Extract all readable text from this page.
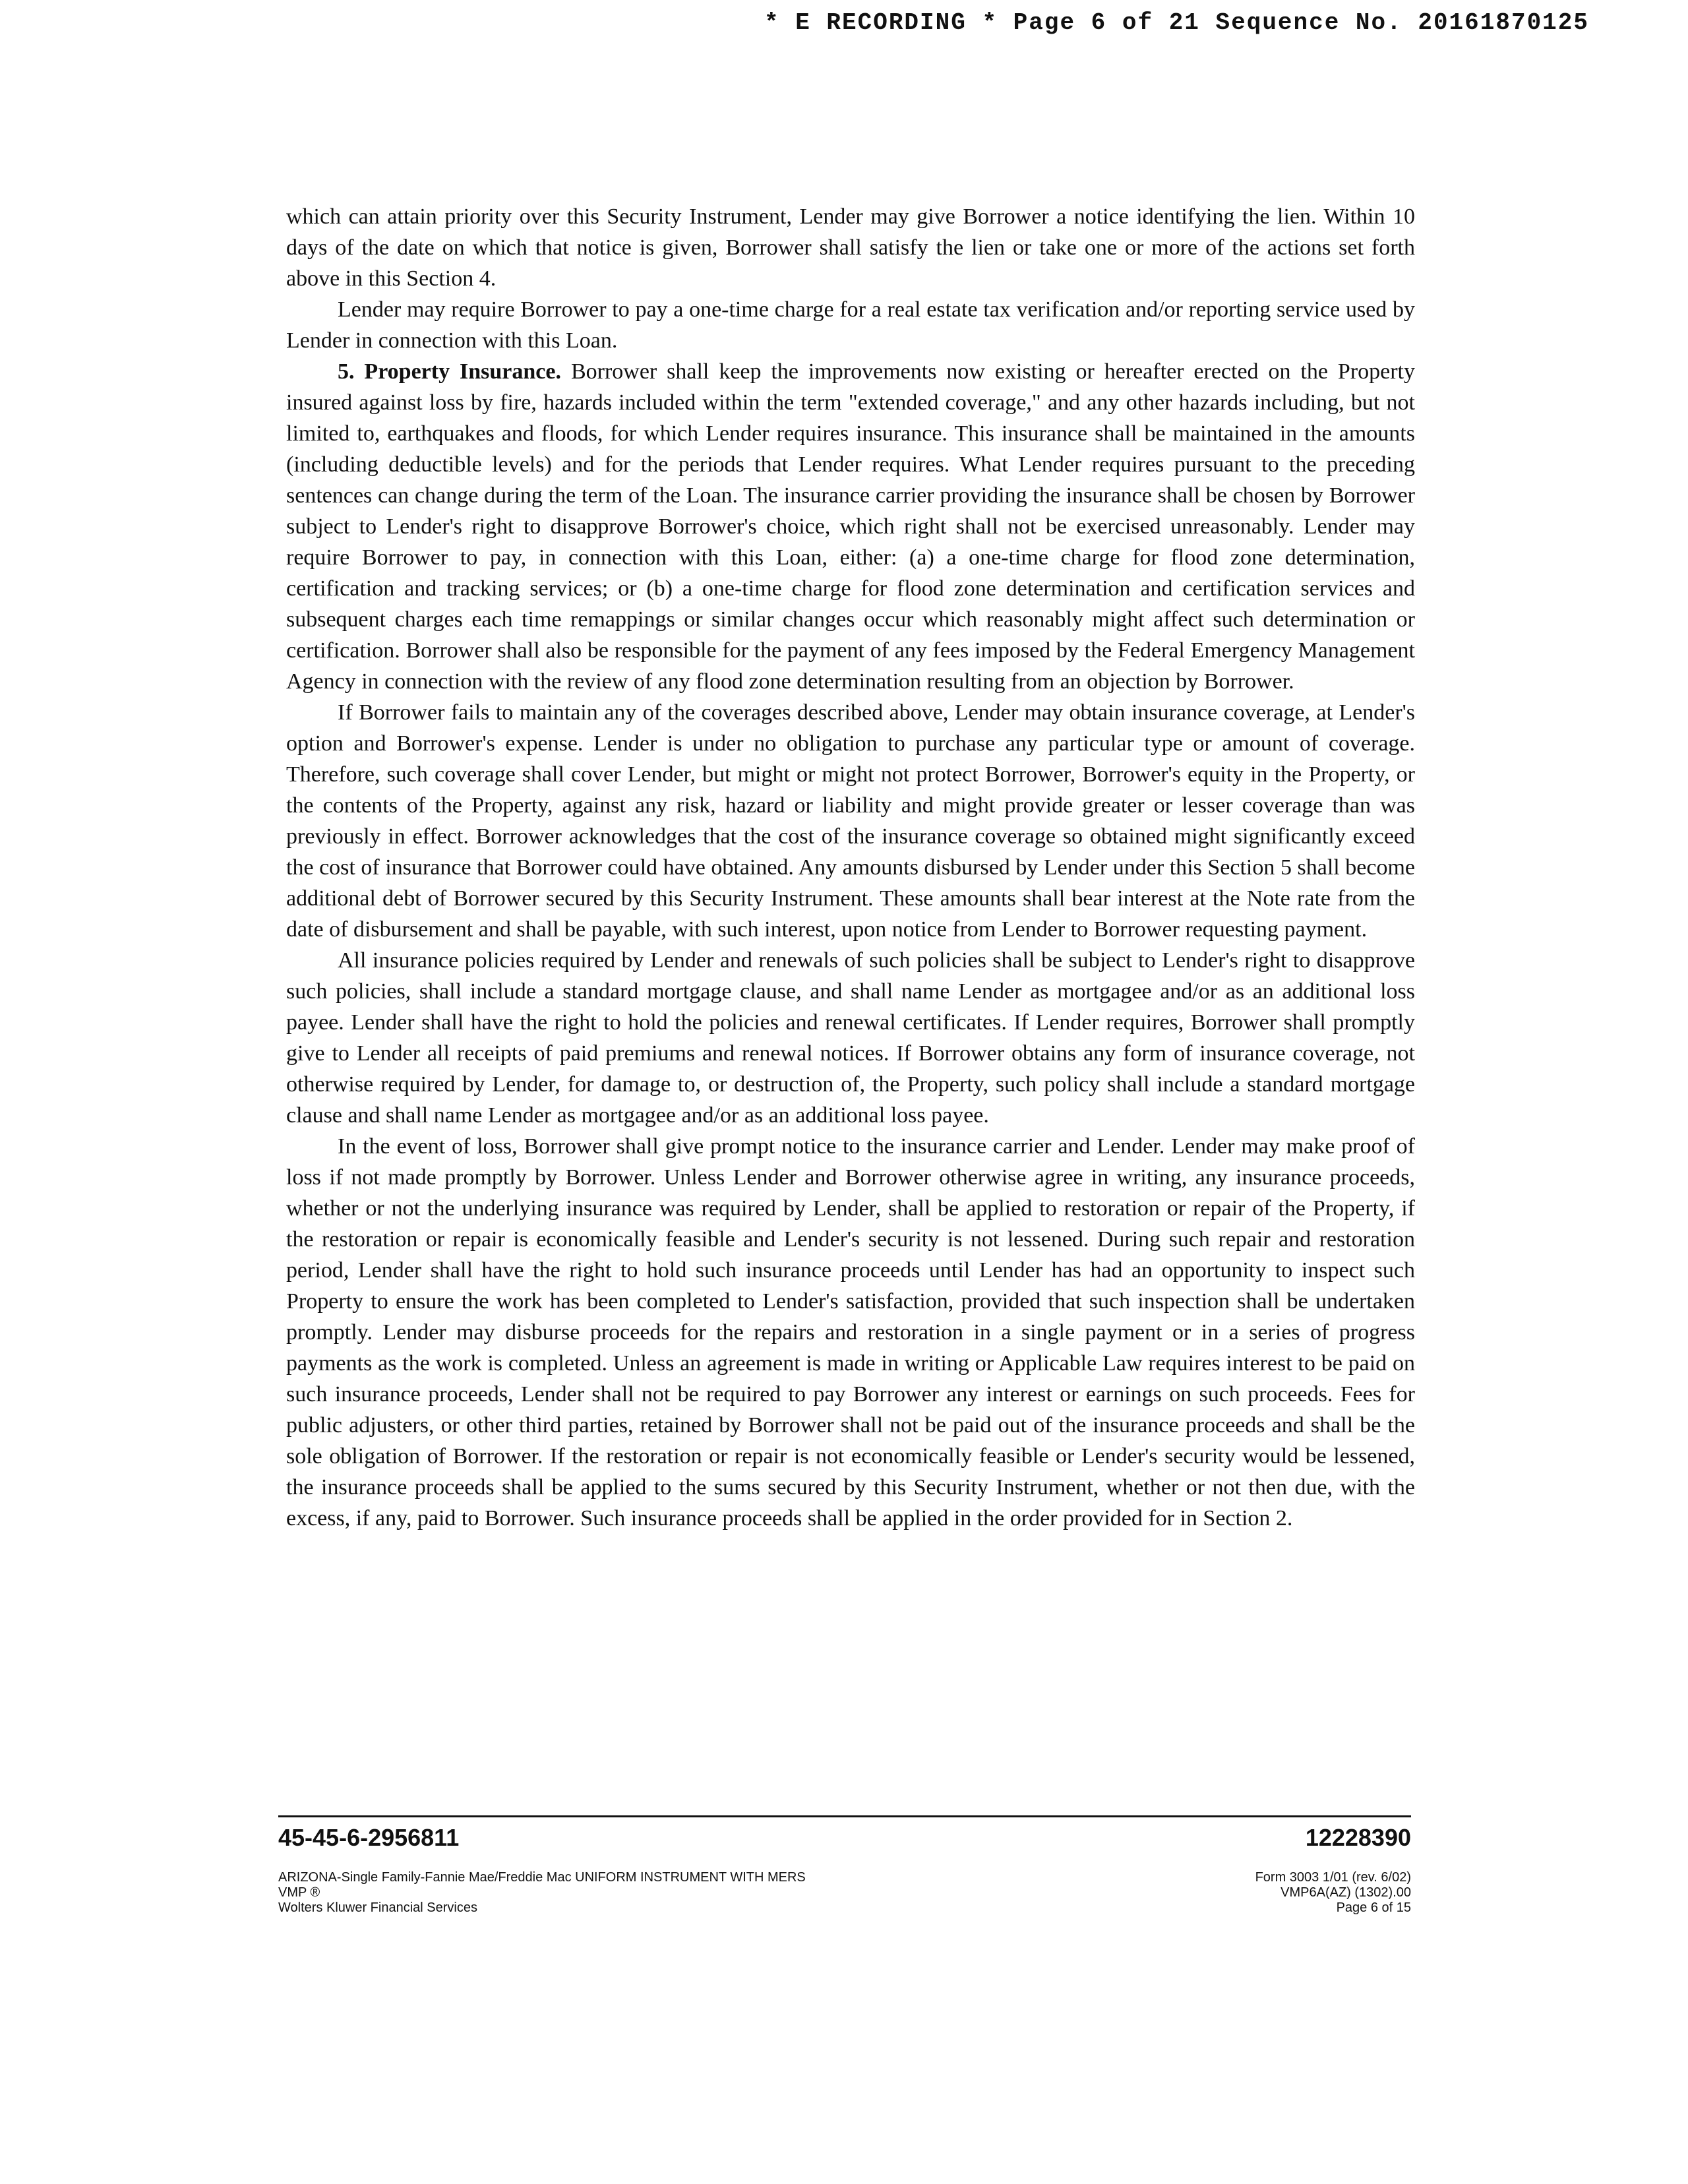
* E RECORDING * Page 6 of 21 Sequence No. 20161870125

which can attain priority over this Security Instrument, Lender may give Borrower a notice identifying the lien. Within 10 days of the date on which that notice is given, Borrower shall satisfy the lien or take one or more of the actions set forth above in this Section 4.

Lender may require Borrower to pay a one-time charge for a real estate tax verification and/or reporting service used by Lender in connection with this Loan.

5. Property Insurance. Borrower shall keep the improvements now existing or hereafter erected on the Property insured against loss by fire, hazards included within the term "extended coverage," and any other hazards including, but not limited to, earthquakes and floods, for which Lender requires insurance. This insurance shall be maintained in the amounts (including deductible levels) and for the periods that Lender requires. What Lender requires pursuant to the preceding sentences can change during the term of the Loan. The insurance carrier providing the insurance shall be chosen by Borrower subject to Lender's right to disapprove Borrower's choice, which right shall not be exercised unreasonably. Lender may require Borrower to pay, in connection with this Loan, either: (a) a one-time charge for flood zone determination, certification and tracking services; or (b) a one-time charge for flood zone determination and certification services and subsequent charges each time remappings or similar changes occur which reasonably might affect such determination or certification. Borrower shall also be responsible for the payment of any fees imposed by the Federal Emergency Management Agency in connection with the review of any flood zone determination resulting from an objection by Borrower.

If Borrower fails to maintain any of the coverages described above, Lender may obtain insurance coverage, at Lender's option and Borrower's expense. Lender is under no obligation to purchase any particular type or amount of coverage. Therefore, such coverage shall cover Lender, but might or might not protect Borrower, Borrower's equity in the Property, or the contents of the Property, against any risk, hazard or liability and might provide greater or lesser coverage than was previously in effect. Borrower acknowledges that the cost of the insurance coverage so obtained might significantly exceed the cost of insurance that Borrower could have obtained. Any amounts disbursed by Lender under this Section 5 shall become additional debt of Borrower secured by this Security Instrument. These amounts shall bear interest at the Note rate from the date of disbursement and shall be payable, with such interest, upon notice from Lender to Borrower requesting payment.

All insurance policies required by Lender and renewals of such policies shall be subject to Lender's right to disapprove such policies, shall include a standard mortgage clause, and shall name Lender as mortgagee and/or as an additional loss payee. Lender shall have the right to hold the policies and renewal certificates. If Lender requires, Borrower shall promptly give to Lender all receipts of paid premiums and renewal notices. If Borrower obtains any form of insurance coverage, not otherwise required by Lender, for damage to, or destruction of, the Property, such policy shall include a standard mortgage clause and shall name Lender as mortgagee and/or as an additional loss payee.

In the event of loss, Borrower shall give prompt notice to the insurance carrier and Lender. Lender may make proof of loss if not made promptly by Borrower. Unless Lender and Borrower otherwise agree in writing, any insurance proceeds, whether or not the underlying insurance was required by Lender, shall be applied to restoration or repair of the Property, if the restoration or repair is economically feasible and Lender's security is not lessened. During such repair and restoration period, Lender shall have the right to hold such insurance proceeds until Lender has had an opportunity to inspect such Property to ensure the work has been completed to Lender's satisfaction, provided that such inspection shall be undertaken promptly. Lender may disburse proceeds for the repairs and restoration in a single payment or in a series of progress payments as the work is completed. Unless an agreement is made in writing or Applicable Law requires interest to be paid on such insurance proceeds, Lender shall not be required to pay Borrower any interest or earnings on such proceeds. Fees for public adjusters, or other third parties, retained by Borrower shall not be paid out of the insurance proceeds and shall be the sole obligation of Borrower. If the restoration or repair is not economically feasible or Lender's security would be lessened, the insurance proceeds shall be applied to the sums secured by this Security Instrument, whether or not then due, with the excess, if any, paid to Borrower. Such insurance proceeds shall be applied in the order provided for in Section 2.

45-45-6-2956811	12228390
ARIZONA-Single Family-Fannie Mae/Freddie Mac UNIFORM INSTRUMENT WITH MERS
VMP ®
Wolters Kluwer Financial Services
Form 3003 1/01 (rev. 6/02)
VMP6A(AZ) (1302).00
Page 6 of 15
